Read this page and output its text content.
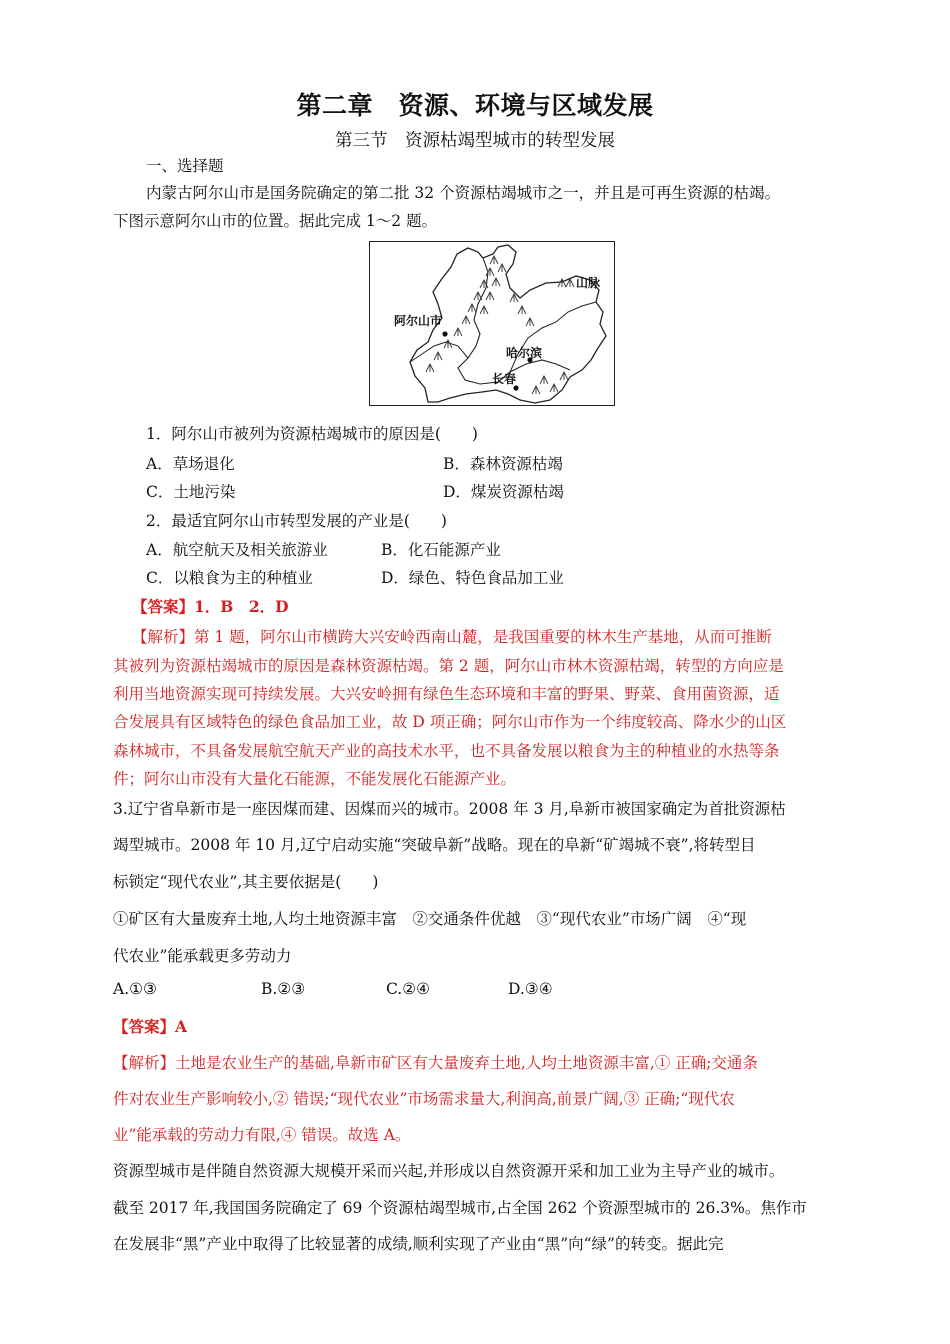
第二章　资源、环境与区域发展
第三节　资源枯竭型城市的转型发展
一、选择题
内蒙古阿尔山市是国务院确定的第二批 32 个资源枯竭城市之一，并且是可再生资源的枯竭。
下图示意阿尔山市的位置。据此完成 1～2 题。
山脉
阿尔山市
哈尔滨
长春
1．阿尔山市被列为资源枯竭城市的原因是(　　)
A．草场退化	B．森林资源枯竭
C．土地污染	D．煤炭资源枯竭
2．最适宜阿尔山市转型发展的产业是(　　)
A．航空航天及相关旅游业	B．化石能源产业
C．以粮食为主的种植业	D．绿色、特色食品加工业
【答案】1．B　2．D
【解析】第 1 题，阿尔山市横跨大兴安岭西南山麓，是我国重要的林木生产基地，从而可推断
其被列为资源枯竭城市的原因是森林资源枯竭。第 2 题，阿尔山市林木资源枯竭，转型的方向应是
利用当地资源实现可持续发展。大兴安岭拥有绿色生态环境和丰富的野果、野菜、食用菌资源，适
合发展具有区域特色的绿色食品加工业，故 D 项正确；阿尔山市作为一个纬度较高、降水少的山区
森林城市，不具备发展航空航天产业的高技术水平，也不具备发展以粮食为主的种植业的水热等条
件；阿尔山市没有大量化石能源，不能发展化石能源产业。
3.辽宁省阜新市是一座因煤而建、因煤而兴的城市。2008 年 3 月,阜新市被国家确定为首批资源枯
竭型城市。2008 年 10 月,辽宁启动实施“突破阜新”战略。现在的阜新“矿竭城不衰”,将转型目
标锁定“现代农业”,其主要依据是(　　)
①矿区有大量废弃土地,人均土地资源丰富　②交通条件优越　③“现代农业”市场广阔　④“现
代农业”能承载更多劳动力
A.①③	B.②③	C.②④	D.③④
【答案】A
【解析】土地是农业生产的基础,阜新市矿区有大量废弃土地,人均土地资源丰富,① 正确;交通条
件对农业生产影响较小,② 错误;“现代农业”市场需求量大,利润高,前景广阔,③ 正确;“现代农
业”能承载的劳动力有限,④ 错误。故选 A。
资源型城市是伴随自然资源大规模开采而兴起,并形成以自然资源开采和加工业为主导产业的城市。
截至 2017 年,我国国务院确定了 69 个资源枯竭型城市,占全国 262 个资源型城市的 26.3%。焦作市
在发展非“黑”产业中取得了比较显著的成绩,顺利实现了产业由“黑”向“绿”的转变。据此完
